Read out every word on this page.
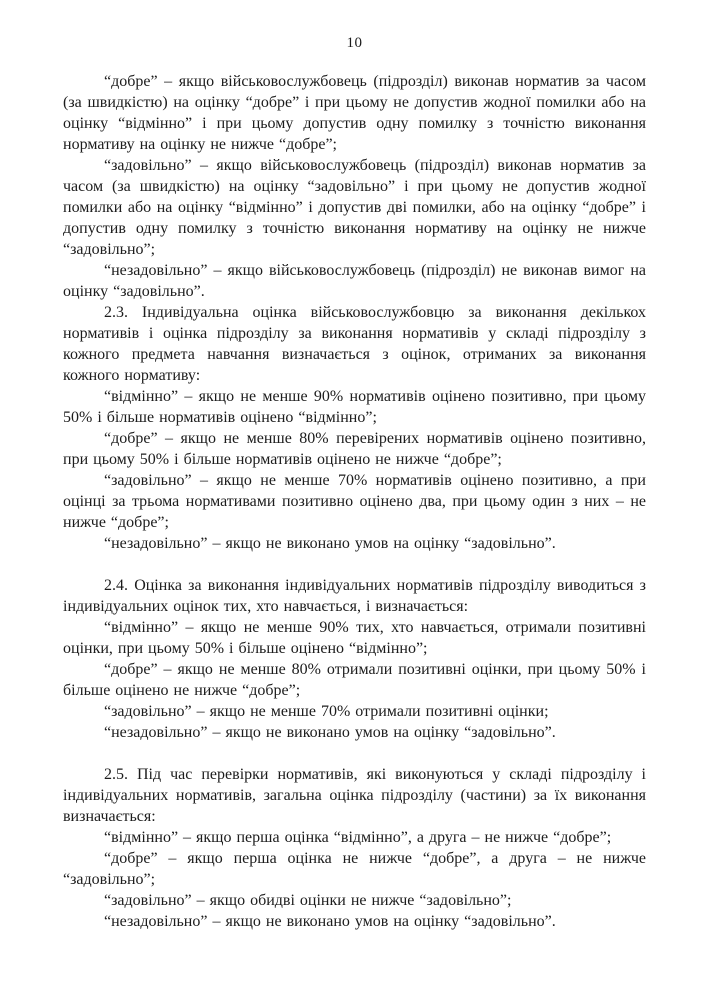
10

“добре” – якщо військовослужбовець (підрозділ) виконав норматив за часом (за швидкістю) на оцінку “добре” і при цьому не допустив жодної помилки або на оцінку “відмінно” і при цьому допустив одну помилку з точністю виконання нормативу на оцінку не нижче “добре”;

“задовільно” – якщо військовослужбовець (підрозділ) виконав норматив за часом (за швидкістю) на оцінку “задовільно” і при цьому не допустив жодної помилки або на оцінку “відмінно” і допустив дві помилки, або на оцінку “добре” і допустив одну помилку з точністю виконання нормативу на оцінку не нижче “задовільно”;

“незадовільно” – якщо військовослужбовець (підрозділ) не виконав вимог на оцінку “задовільно”.

2.3. Індивідуальна оцінка військовослужбовцю за виконання декількох нормативів і оцінка підрозділу за виконання нормативів у складі підрозділу з кожного предмета навчання визначається з оцінок, отриманих за виконання кожного нормативу:

“відмінно” – якщо не менше 90% нормативів оцінено позитивно, при цьому 50% і більше нормативів оцінено “відмінно”;

“добре” – якщо не менше 80% перевірених нормативів оцінено позитивно, при цьому 50% і більше нормативів оцінено не нижче “добре”;

“задовільно” – якщо не менше 70% нормативів оцінено позитивно, а при оцінці за трьома нормативами позитивно оцінено два, при цьому один з них – не нижче “добре”;

“незадовільно” – якщо не виконано умов на оцінку “задовільно”.

2.4. Оцінка за виконання індивідуальних нормативів підрозділу виводиться з індивідуальних оцінок тих, хто навчається, і визначається:

“відмінно” – якщо не менше 90% тих, хто навчається, отримали позитивні оцінки, при цьому 50% і більше оцінено “відмінно”;

“добре” – якщо не менше 80% отримали позитивні оцінки, при цьому 50% і більше оцінено не нижче “добре”;

“задовільно” – якщо не менше 70% отримали позитивні оцінки;

“незадовільно” – якщо не виконано умов на оцінку “задовільно”.

2.5. Під час перевірки нормативів, які виконуються у складі підрозділу і індивідуальних нормативів, загальна оцінка підрозділу (частини) за їх виконання визначається:

“відмінно” – якщо перша оцінка “відмінно”, а друга – не нижче “добре”;

“добре” – якщо перша оцінка не нижче “добре”, а друга – не нижче “задовільно”;

“задовільно” – якщо обидві оцінки не нижче “задовільно”;

“незадовільно” – якщо не виконано умов на оцінку “задовільно”.
